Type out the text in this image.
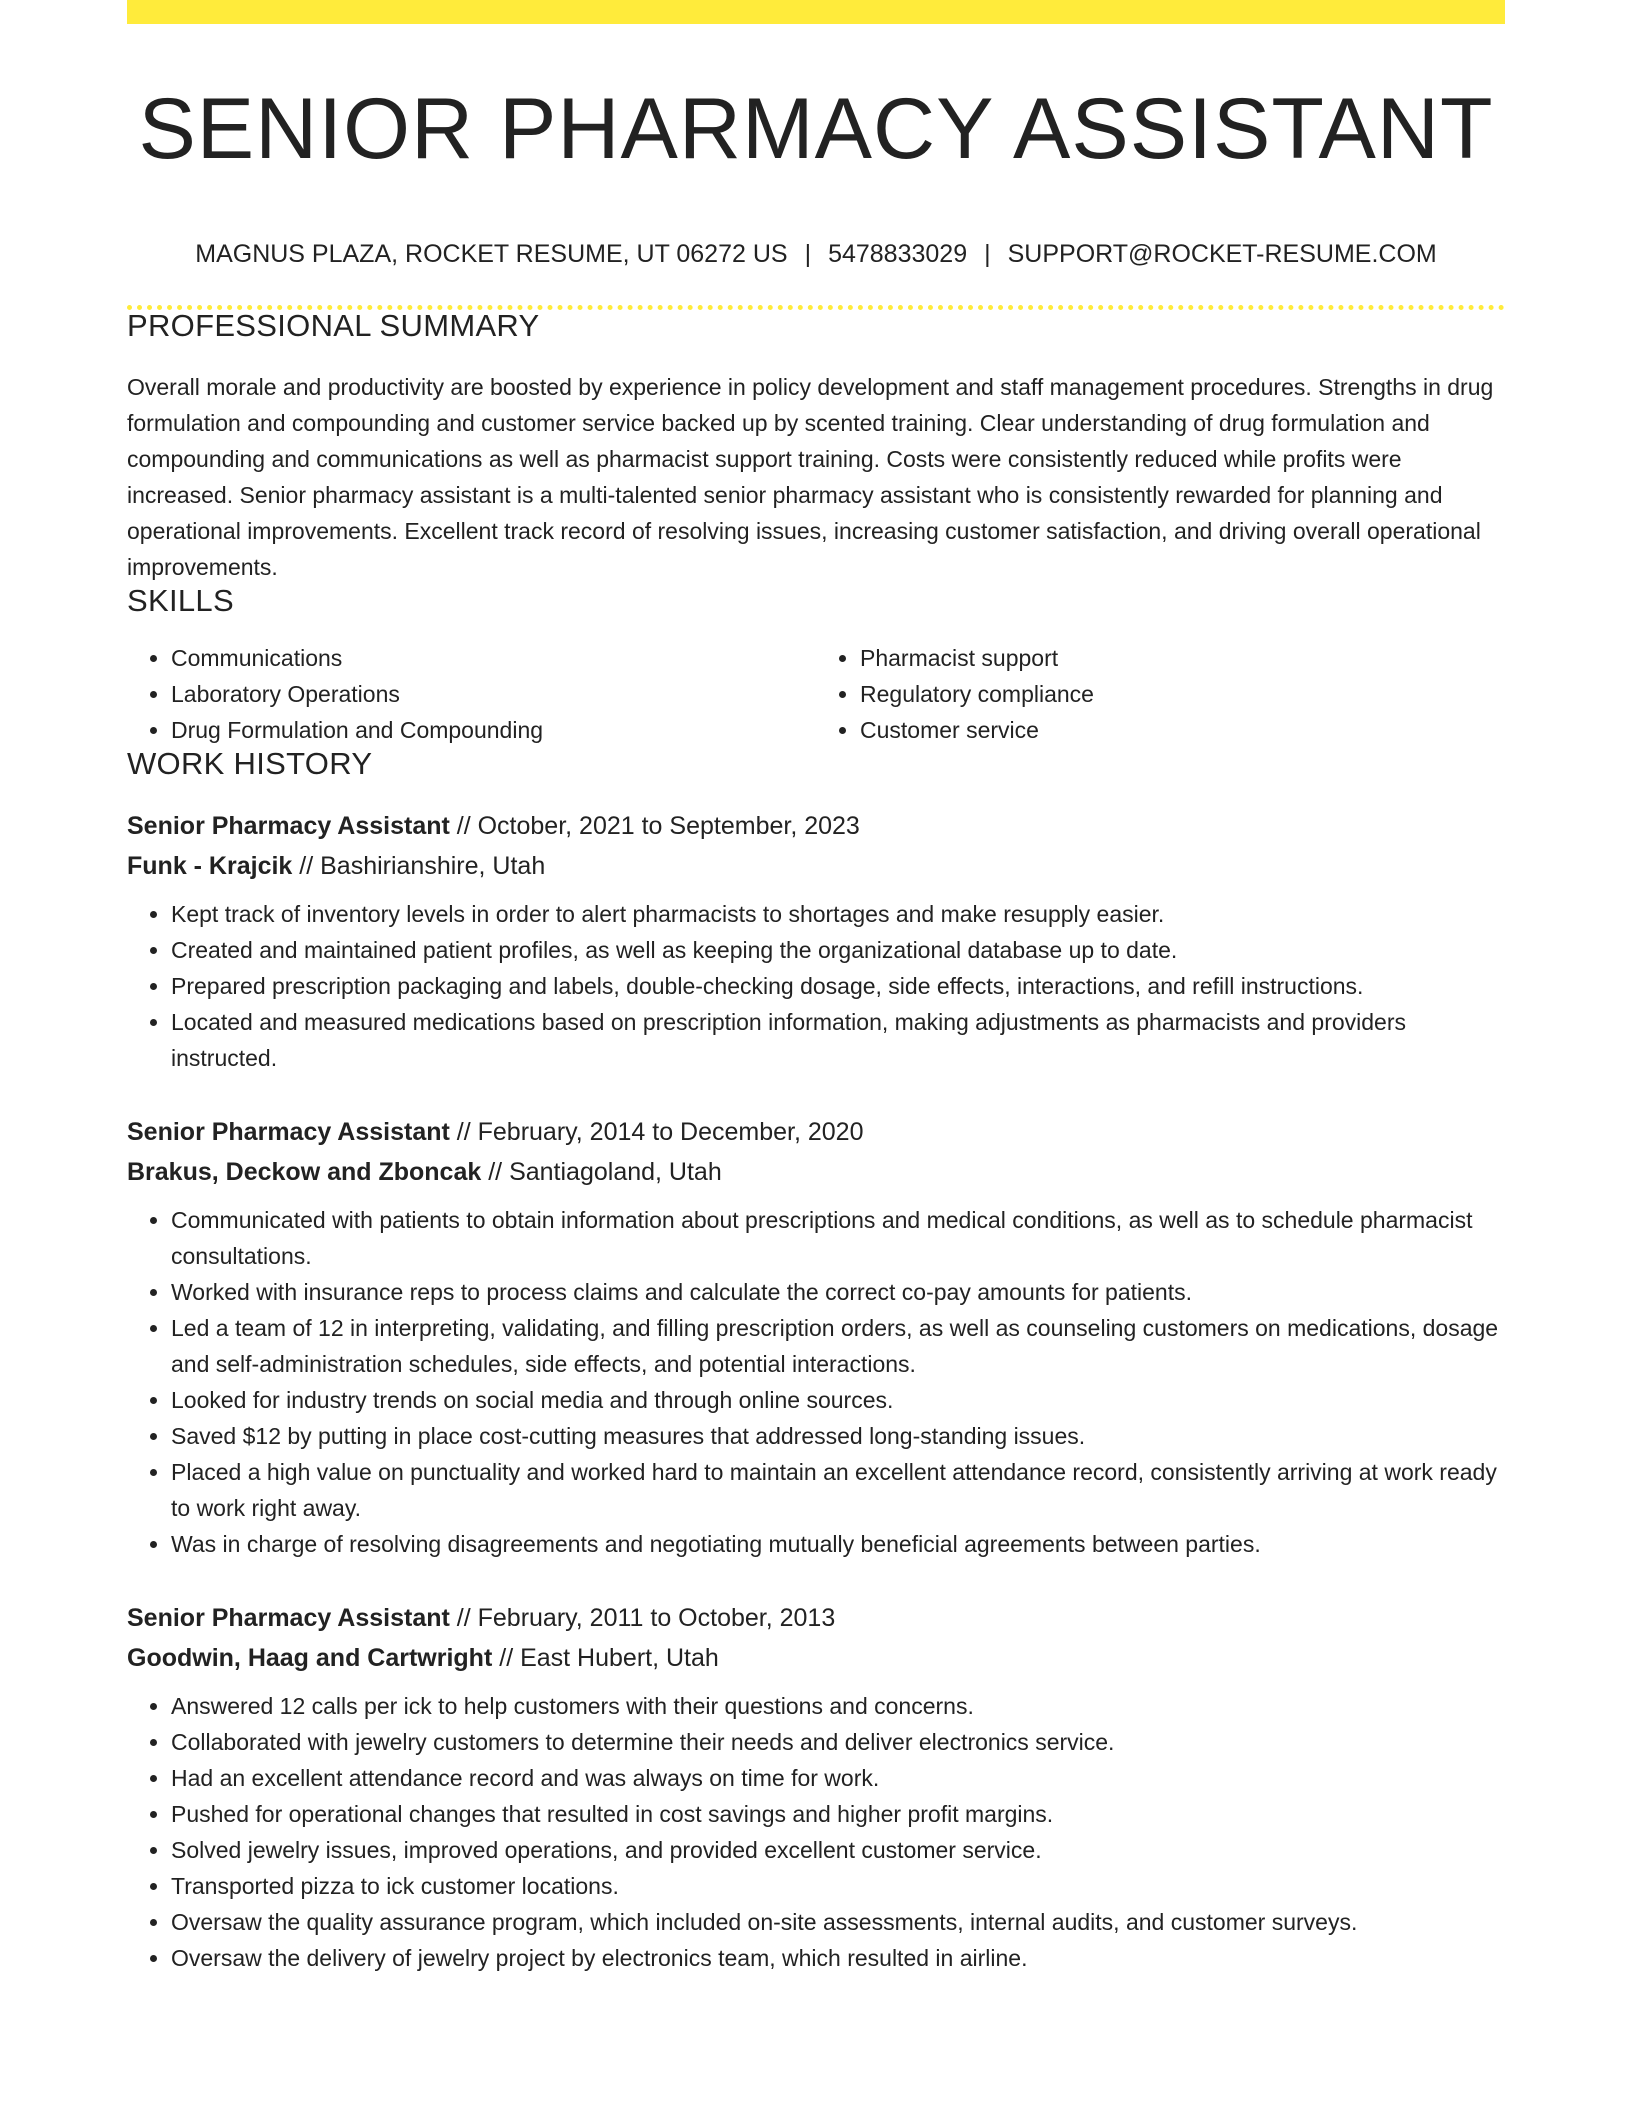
SENIOR PHARMACY ASSISTANT
MAGNUS PLAZA, ROCKET RESUME, UT 06272 US | 5478833029 | SUPPORT@ROCKET-RESUME.COM
PROFESSIONAL SUMMARY

Overall morale and productivity are boosted by experience in policy development and staff management procedures. Strengths in drug formulation and compounding and customer service backed up by scented training. Clear understanding of drug formulation and compounding and communications as well as pharmacist support training. Costs were consistently reduced while profits were increased. Senior pharmacy assistant is a multi-talented senior pharmacy assistant who is consistently rewarded for planning and operational improvements. Excellent track record of resolving issues, increasing customer satisfaction, and driving overall operational improvements.

SKILLS
• Communications
• Laboratory Operations
• Drug Formulation and Compounding
• Pharmacist support
• Regulatory compliance
• Customer service
WORK HISTORY
Senior Pharmacy Assistant // October, 2021 to September, 2023
Funk - Krajcik // Bashirianshire, Utah
• Kept track of inventory levels in order to alert pharmacists to shortages and make resupply easier.
• Created and maintained patient profiles, as well as keeping the organizational database up to date.
• Prepared prescription packaging and labels, double-checking dosage, side effects, interactions, and refill instructions.
• Located and measured medications based on prescription information, making adjustments as pharmacists and providers instructed.
Senior Pharmacy Assistant // February, 2014 to December, 2020
Brakus, Deckow and Zboncak // Santiagoland, Utah
• Communicated with patients to obtain information about prescriptions and medical conditions, as well as to schedule pharmacist consultations.
• Worked with insurance reps to process claims and calculate the correct co-pay amounts for patients.
• Led a team of 12 in interpreting, validating, and filling prescription orders, as well as counseling customers on medications, dosage and self-administration schedules, side effects, and potential interactions.
• Looked for industry trends on social media and through online sources.
• Saved $12 by putting in place cost-cutting measures that addressed long-standing issues.
• Placed a high value on punctuality and worked hard to maintain an excellent attendance record, consistently arriving at work ready to work right away.
• Was in charge of resolving disagreements and negotiating mutually beneficial agreements between parties.
Senior Pharmacy Assistant // February, 2011 to October, 2013
Goodwin, Haag and Cartwright // East Hubert, Utah
• Answered 12 calls per ick to help customers with their questions and concerns.
• Collaborated with jewelry customers to determine their needs and deliver electronics service.
• Had an excellent attendance record and was always on time for work.
• Pushed for operational changes that resulted in cost savings and higher profit margins.
• Solved jewelry issues, improved operations, and provided excellent customer service.
• Transported pizza to ick customer locations.
• Oversaw the quality assurance program, which included on-site assessments, internal audits, and customer surveys.
• Oversaw the delivery of jewelry project by electronics team, which resulted in airline.
